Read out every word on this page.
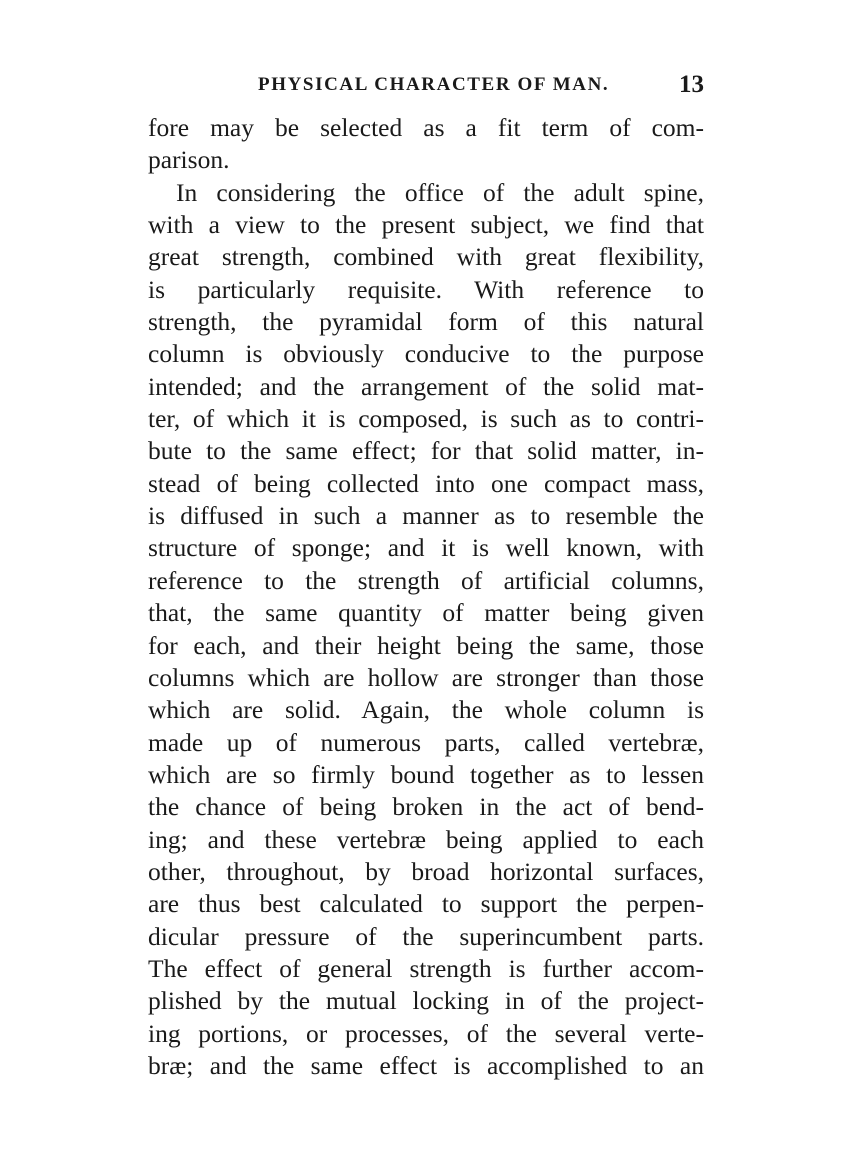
PHYSICAL CHARACTER OF MAN.	13
fore may be selected as a fit term of com-
parison.
In considering the office of the adult spine,
with a view to the present subject, we find that
great strength, combined with great flexibility,
is particularly requisite. With reference to
strength, the pyramidal form of this natural
column is obviously conducive to the purpose
intended; and the arrangement of the solid mat-
ter, of which it is composed, is such as to contri-
bute to the same effect; for that solid matter, in-
stead of being collected into one compact mass,
is diffused in such a manner as to resemble the
structure of sponge; and it is well known, with
reference to the strength of artificial columns,
that, the same quantity of matter being given
for each, and their height being the same, those
columns which are hollow are stronger than those
which are solid. Again, the whole column is
made up of numerous parts, called vertebræ,
which are so firmly bound together as to lessen
the chance of being broken in the act of bend-
ing; and these vertebræ being applied to each
other, throughout, by broad horizontal surfaces,
are thus best calculated to support the perpen-
dicular pressure of the superincumbent parts.
The effect of general strength is further accom-
plished by the mutual locking in of the project-
ing portions, or processes, of the several verte-
bræ; and the same effect is accomplished to an
